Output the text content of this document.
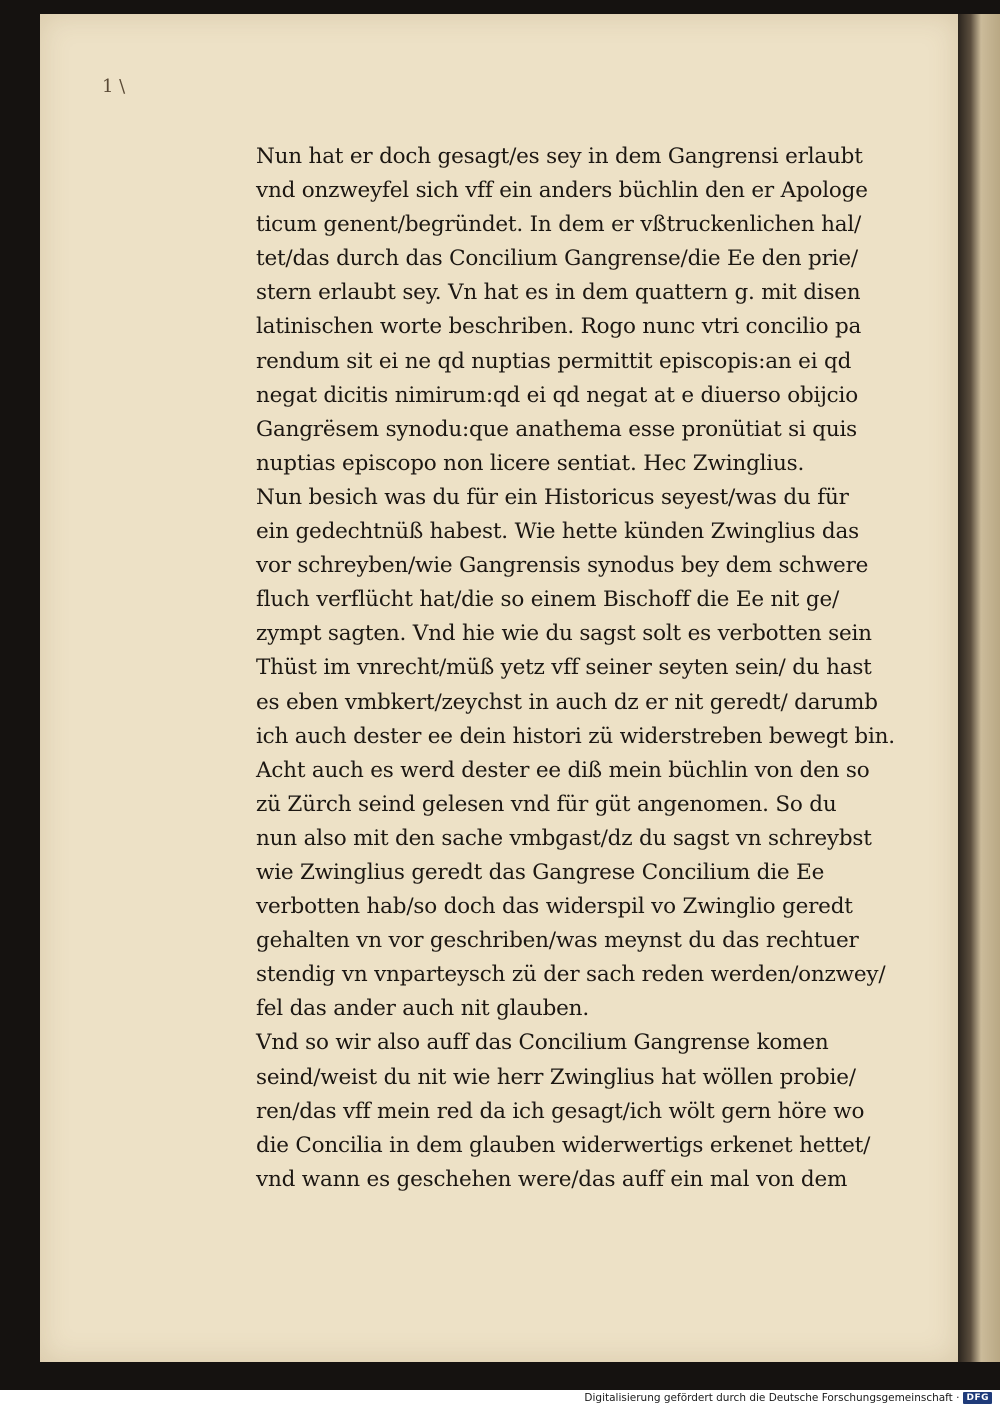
1 \
Nun hat er doch gesagt/es sey in dem Gangrensi erlaubt
vnd onzweyfel sich vff ein anders büchlin den er Apologe
ticum genent/begründet. In dem er vßtruckenlichen hal/
tet/das durch das Concilium Gangrense/die Ee den prie/
stern erlaubt sey. Vn hat es in dem quattern g. mit disen
latinischen worte beschriben. Rogo nunc vtri concilio pa
rendum sit ei ne qd nuptias permittit episcopis:an ei qd
negat dicitis nimirum:qd ei qd negat at e diuerso obijcio
Gangrësem synodu:que anathema esse pronütiat si quis
nuptias episcopo non licere sentiat. Hec Zwinglius.
Nun besich was du für ein Historicus seyest/was du für
ein gedechtnüß habest. Wie hette künden Zwinglius das
vor schreyben/wie Gangrensis synodus bey dem schwere
fluch verflücht hat/die so einem Bischoff die Ee nit ge/
zympt sagten. Vnd hie wie du sagst solt es verbotten sein
Thüst im vnrecht/müß yetz vff seiner seyten sein/ du hast
es eben vmbkert/zeychst in auch dz er nit geredt/ darumb
ich auch dester ee dein histori zü widerstreben bewegt bin.
Acht auch es werd dester ee diß mein büchlin von den so
zü Zürch seind gelesen vnd für güt angenomen. So du
nun also mit den sache vmbgast/dz du sagst vn schreybst
wie Zwinglius geredt das Gangrese Concilium die Ee
verbotten hab/so doch das widerspil vo Zwinglio geredt
gehalten vn vor geschriben/was meynst du das rechtuer
stendig vn vnparteysch zü der sach reden werden/onzwey/
fel das ander auch nit glauben.
Vnd so wir also auff das Concilium Gangrense komen
seind/weist du nit wie herr Zwinglius hat wöllen probie/
ren/das vff mein red da ich gesagt/ich wölt gern höre wo
die Concilia in dem glauben widerwertigs erkenet hettet/
vnd wann es geschehen were/das auff ein mal von dem
Digitalisierung gefördert durch die Deutsche Forschungsgemeinschaft · DFG
